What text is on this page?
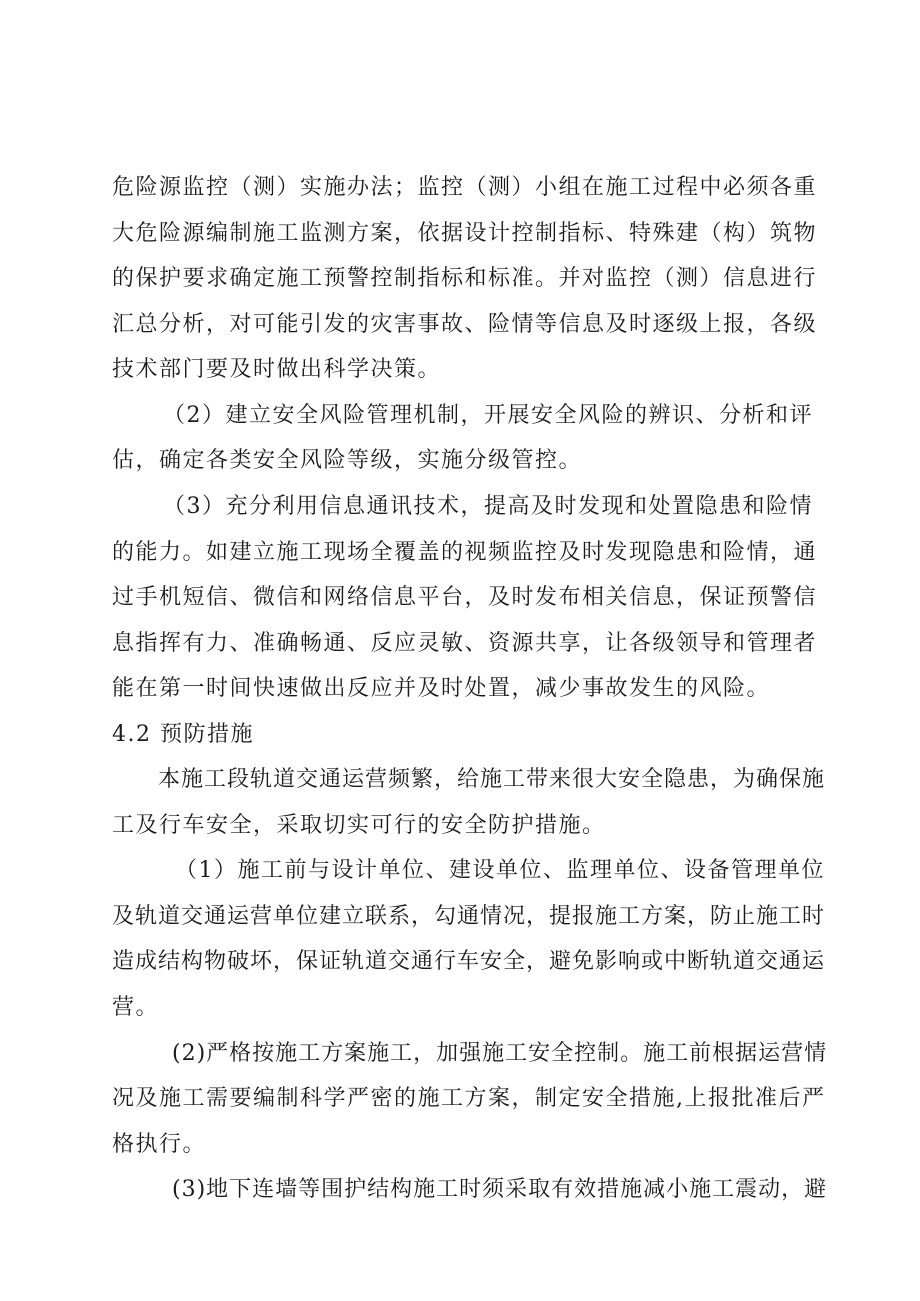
危险源监控（测）实施办法；监控（测）小组在施工过程中必须各重
大危险源编制施工监测方案，依据设计控制指标、特殊建（构）筑物
的保护要求确定施工预警控制指标和标准。并对监控（测）信息进行
汇总分析，对可能引发的灾害事故、险情等信息及时逐级上报，各级
技术部门要及时做出科学决策。
（2）建立安全风险管理机制，开展安全风险的辨识、分析和评
估，确定各类安全风险等级，实施分级管控。
（3）充分利用信息通讯技术，提高及时发现和处置隐患和险情
的能力。如建立施工现场全覆盖的视频监控及时发现隐患和险情，通
过手机短信、微信和网络信息平台，及时发布相关信息，保证预警信
息指挥有力、准确畅通、反应灵敏、资源共享，让各级领导和管理者
能在第一时间快速做出反应并及时处置，减少事故发生的风险。
4.2 预防措施
本施工段轨道交通运营频繁，给施工带来很大安全隐患，为确保施
工及行车安全，采取切实可行的安全防护措施。
（1）施工前与设计单位、建设单位、监理单位、设备管理单位
及轨道交通运营单位建立联系，勾通情况，提报施工方案，防止施工时
造成结构物破坏，保证轨道交通行车安全，避免影响或中断轨道交通运
营。
(2)严格按施工方案施工，加强施工安全控制。施工前根据运营情
况及施工需要编制科学严密的施工方案，制定安全措施,上报批准后严
格执行。
(3)地下连墙等围护结构施工时须采取有效措施减小施工震动，避
